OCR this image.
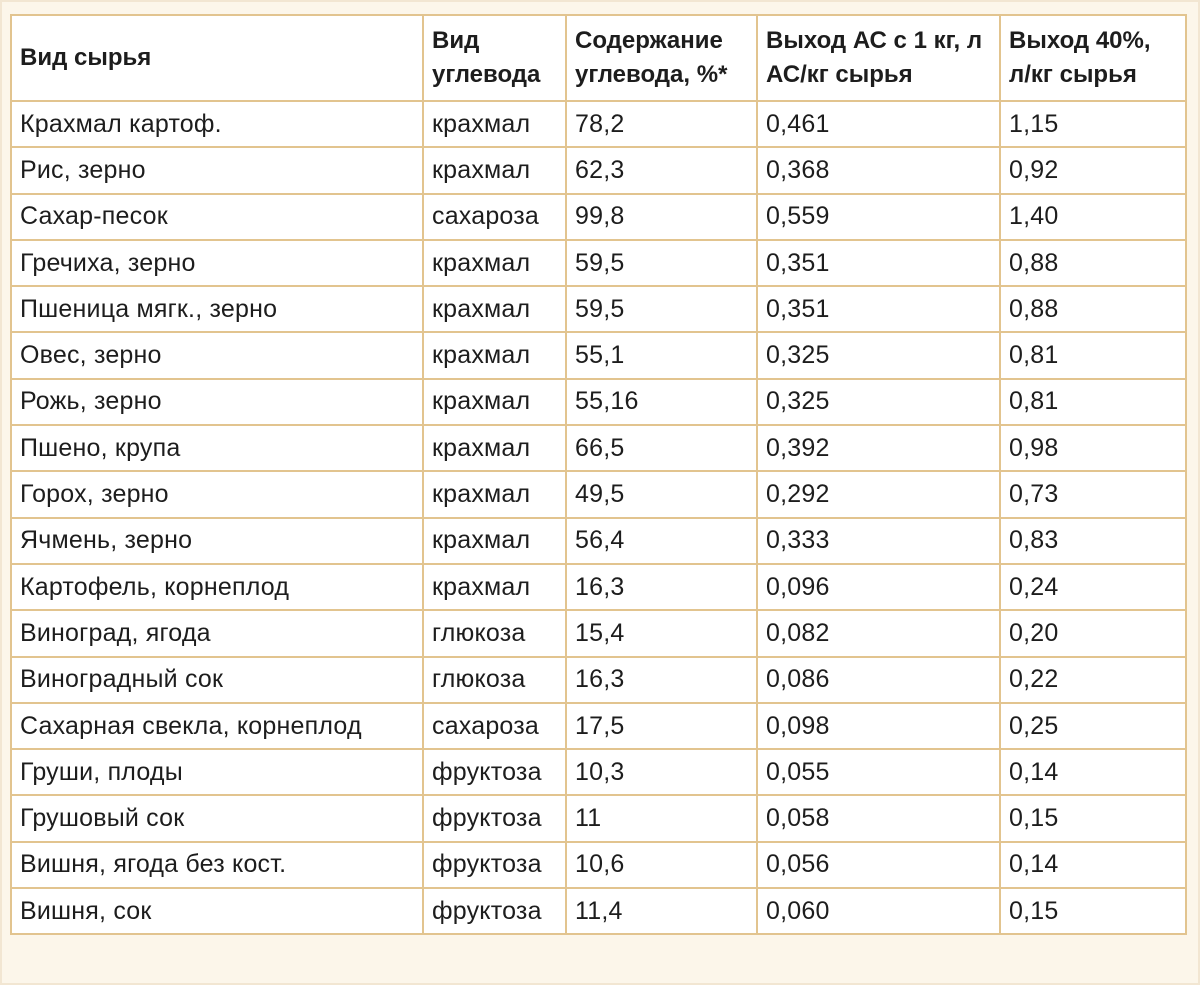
Вид сырья	Вид углевода	Содержание углевода, %*	Выход АС с 1 кг, л АС/кг сырья	Выход 40%, л/кг сырья
Крахмал картоф.	крахмал	78,2	0,461	1,15
Рис, зерно	крахмал	62,3	0,368	0,92
Сахар-песок	сахароза	99,8	0,559	1,40
Гречиха, зерно	крахмал	59,5	0,351	0,88
Пшеница мягк., зерно	крахмал	59,5	0,351	0,88
Овес, зерно	крахмал	55,1	0,325	0,81
Рожь, зерно	крахмал	55,16	0,325	0,81
Пшено, крупа	крахмал	66,5	0,392	0,98
Горох, зерно	крахмал	49,5	0,292	0,73
Ячмень, зерно	крахмал	56,4	0,333	0,83
Картофель, корнеплод	крахмал	16,3	0,096	0,24
Виноград, ягода	глюкоза	15,4	0,082	0,20
Виноградный сок	глюкоза	16,3	0,086	0,22
Сахарная свекла, корнеплод	сахароза	17,5	0,098	0,25
Груши, плоды	фруктоза	10,3	0,055	0,14
Грушовый сок	фруктоза	11	0,058	0,15
Вишня, ягода без кост.	фруктоза	10,6	0,056	0,14
Вишня, сок	фруктоза	11,4	0,060	0,15
